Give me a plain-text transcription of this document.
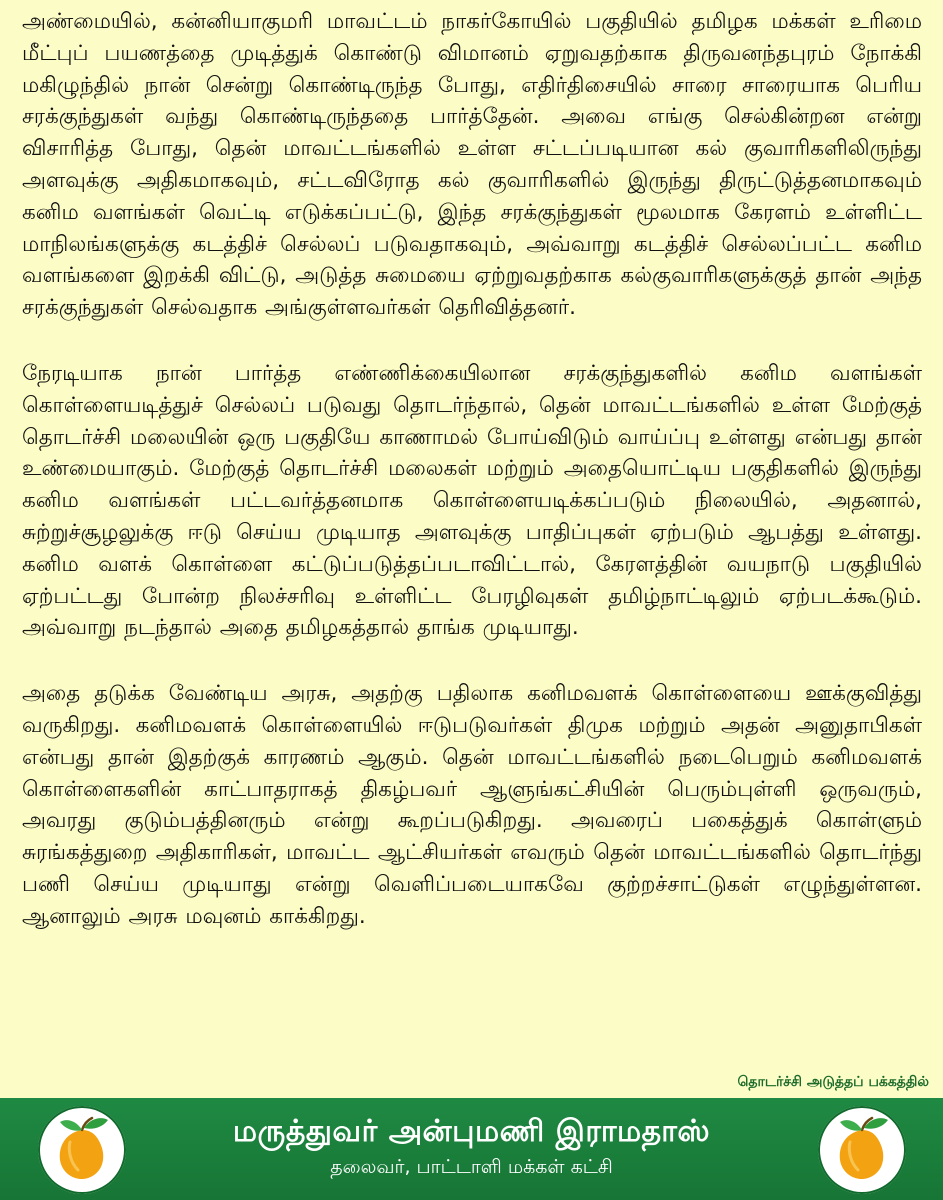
அண்மையில், கன்னியாகுமரி மாவட்டம் நாகர்கோயில் பகுதியில் தமிழக மக்கள் உரிமை மீட்புப் பயணத்தை முடித்துக் கொண்டு விமானம் ஏறுவதற்காக திருவனந்தபுரம் நோக்கி மகிழுந்தில் நான் சென்று கொண்டிருந்த போது, எதிர்திசையில் சாரை சாரையாக பெரிய சரக்குந்துகள் வந்து கொண்டிருந்ததை பார்த்தேன். அவை எங்கு செல்கின்றன என்று விசாரித்த போது, தென் மாவட்டங்களில் உள்ள சட்டப்படியான கல் குவாரிகளிலிருந்து அளவுக்கு அதிகமாகவும், சட்டவிரோத கல் குவாரிகளில் இருந்து திருட்டுத்தனமாகவும் கனிம வளங்கள் வெட்டி எடுக்கப்பட்டு, இந்த சரக்குந்துகள் மூலமாக கேரளம் உள்ளிட்ட மாநிலங்களுக்கு கடத்திச் செல்லப் படுவதாகவும், அவ்வாறு கடத்திச் செல்லப்பட்ட கனிம வளங்களை இறக்கி விட்டு, அடுத்த சுமையை ஏற்றுவதற்காக கல்குவாரிகளுக்குத் தான் அந்த சரக்குந்துகள் செல்வதாக அங்குள்ளவர்கள் தெரிவித்தனர்.

நேரடியாக நான் பார்த்த எண்ணிக்கையிலான சரக்குந்துகளில் கனிம வளங்கள் கொள்ளையடித்துச் செல்லப் படுவது தொடர்ந்தால், தென் மாவட்டங்களில் உள்ள மேற்குத் தொடர்ச்சி மலையின் ஒரு பகுதியே காணாமல் போய்விடும் வாய்ப்பு உள்ளது என்பது தான் உண்மையாகும். மேற்குத் தொடர்ச்சி மலைகள் மற்றும் அதையொட்டிய பகுதிகளில் இருந்து கனிம வளங்கள் பட்டவர்த்தனமாக கொள்ளையடிக்கப்படும் நிலையில், அதனால், சுற்றுச்சூழலுக்கு ஈடு செய்ய முடியாத அளவுக்கு பாதிப்புகள் ஏற்படும் ஆபத்து உள்ளது. கனிம வளக் கொள்ளை கட்டுப்படுத்தப்படாவிட்டால், கேரளத்தின் வயநாடு பகுதியில் ஏற்பட்டது போன்ற நிலச்சரிவு உள்ளிட்ட பேரழிவுகள் தமிழ்நாட்டிலும் ஏற்படக்கூடும். அவ்வாறு நடந்தால் அதை தமிழகத்தால் தாங்க முடியாது.

அதை தடுக்க வேண்டிய அரசு, அதற்கு பதிலாக கனிமவளக் கொள்ளையை ஊக்குவித்து வருகிறது. கனிமவளக் கொள்ளையில் ஈடுபடுவர்கள் திமுக மற்றும் அதன் அனுதாபிகள் என்பது தான் இதற்குக் காரணம் ஆகும். தென் மாவட்டங்களில் நடைபெறும் கனிமவளக் கொள்ளைகளின் காட்பாதராகத் திகழ்பவர் ஆளுங்கட்சியின் பெரும்புள்ளி ஒருவரும், அவரது குடும்பத்தினரும் என்று கூறப்படுகிறது. அவரைப் பகைத்துக் கொள்ளும் சுரங்கத்துறை அதிகாரிகள், மாவட்ட ஆட்சியர்கள் எவரும் தென் மாவட்டங்களில் தொடர்ந்து பணி செய்ய முடியாது என்று வெளிப்படையாகவே குற்றச்சாட்டுகள் எழுந்துள்ளன. ஆனாலும் அரசு மவுனம் காக்கிறது.

தொடர்ச்சி அடுத்தப் பக்கத்தில்
மருத்துவர் அன்புமணி இராமதாஸ்
தலைவர், பாட்டாளி மக்கள் கட்சி
